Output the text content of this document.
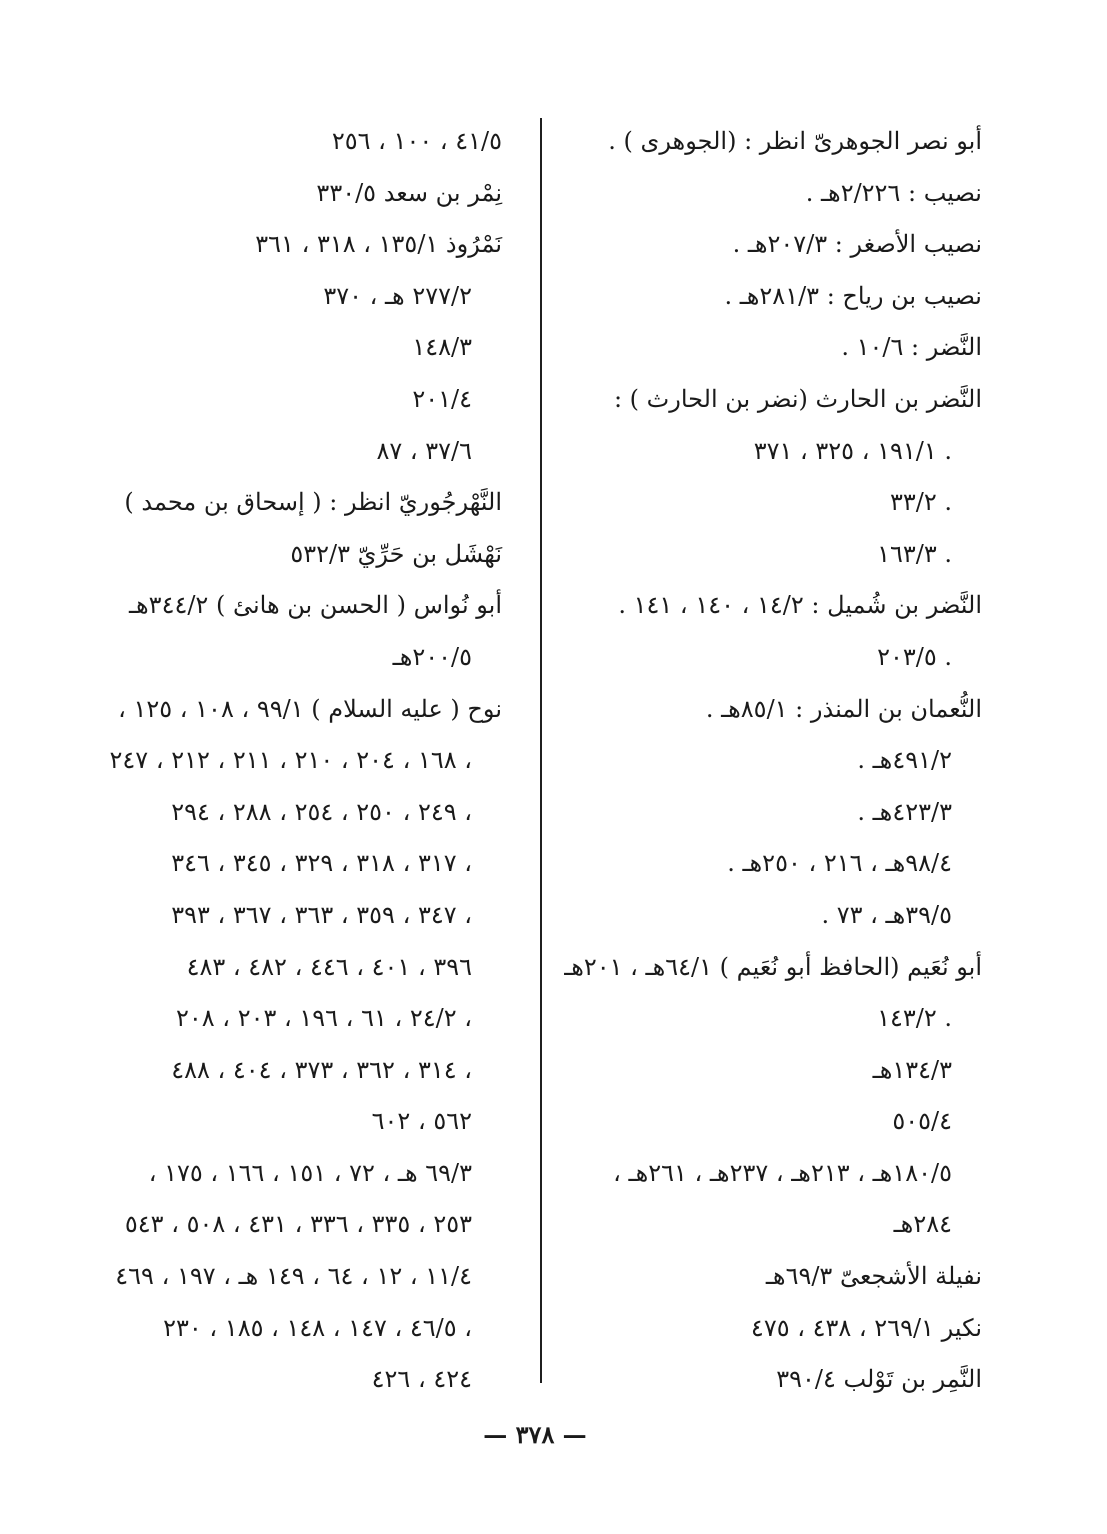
أبو نصر الجوهرىّ انظر : (الجوهرى ) .
نصيب : ٢/٢٢٦هـ .
نصيب الأصغر : ٢٠٧/٣هـ .
نصيب بن رياح : ٢٨١/٣هـ .
النَّضر : ١٠/٦ .
النَّضر بن الحارث (نضر بن الحارث ) :
١٩١/١ ، ٣٢٥ ، ٣٧١ .
٣٣/٢ .
١٦٣/٣ .
النَّضر بن شُميل : ١٤/٢ ، ١٤٠ ، ١٤١ .
٢٠٣/٥ .
النُّعمان بن المنذر : ٨٥/١هـ .
٤٩١/٢هـ .
٤٢٣/٣هـ .
٩٨/٤هـ ، ٢١٦ ، ٢٥٠هـ .
٣٩/٥هـ ، ٧٣ .
أبو نُعَيم (الحافظ أبو نُعَيم ) ٦٤/١هـ ، ٢٠١هـ
١٤٣/٢ .
١٣٤/٣هـ
٥٠٥/٤
١٨٠/٥هـ ، ٢١٣هـ ، ٢٣٧هـ ، ٢٦١هـ ،
٢٨٤هـ
نفيلة الأشجعىّ ٦٩/٣هـ
نكير ٢٦٩/١ ، ٤٣٨ ، ٤٧٥
النَّمِر بن تَوْلب ٣٩٠/٤
٤١/٥ ، ١٠٠ ، ٢٥٦
نِمْر بن سعد ٣٣٠/٥
نَمْرُوذ ١٣٥/١ ، ٣١٨ ، ٣٦١
٢٧٧/٢ هـ ، ٣٧٠
١٤٨/٣
٢٠١/٤
٣٧/٦ ، ٨٧
النَّهْرجُوريّ انظر : ( إسحاق بن محمد )
نَهْشَل بن حَرِّيّ ٥٣٢/٣
أبو نُواس ( الحسن بن هانئ ) ٣٤٤/٢هـ
٢٠٠/٥هـ
نوح ( عليه السلام ) ٩٩/١ ، ١٠٨ ، ١٢٥ ،
١٦٨ ، ٢٠٤ ، ٢١٠ ، ٢١١ ، ٢١٢ ، ٢٤٧ ،
٢٤٩ ، ٢٥٠ ، ٢٥٤ ، ٢٨٨ ، ٢٩٤ ،
٣١٧ ، ٣١٨ ، ٣٢٩ ، ٣٤٥ ، ٣٤٦ ،
٣٤٧ ، ٣٥٩ ، ٣٦٣ ، ٣٦٧ ، ٣٩٣ ،
٣٩٦ ، ٤٠١ ، ٤٤٦ ، ٤٨٢ ، ٤٨٣
٢٤/٢ ، ٦١ ، ١٩٦ ، ٢٠٣ ، ٢٠٨ ،
٣١٤ ، ٣٦٢ ، ٣٧٣ ، ٤٠٤ ، ٤٨٨ ،
٥٦٢ ، ٦٠٢
٦٩/٣ هـ ، ٧٢ ، ١٥١ ، ١٦٦ ، ١٧٥ ،
٢٥٣ ، ٣٣٥ ، ٣٣٦ ، ٤٣١ ، ٥٠٨ ، ٥٤٣
١١/٤ ، ١٢ ، ٦٤ ، ١٤٩ هـ ، ١٩٧ ، ٤٦٩
٤٦/٥ ، ١٤٧ ، ١٤٨ ، ١٨٥ ، ٢٣٠ ،
٤٢٤ ، ٤٢٦
— ٣٧٨ —
